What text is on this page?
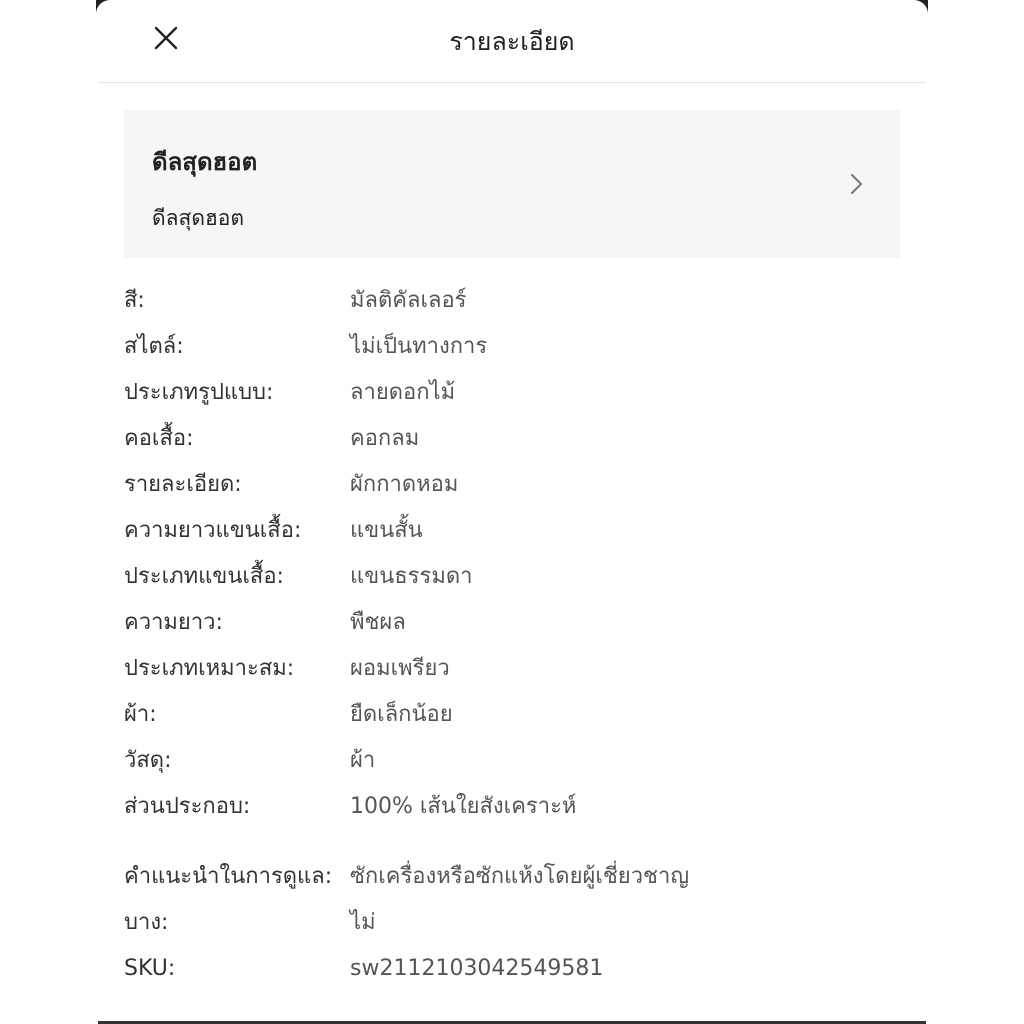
รายละเอียด
ดีลสุดฮอต
ดีลสุดฮอต
สี:	มัลติคัลเลอร์
สไตล์:	ไม่เป็นทางการ
ประเภทรูปแบบ:	ลายดอกไม้
คอเสื้อ:	คอกลม
รายละเอียด:	ผักกาดหอม
ความยาวแขนเสื้อ:	แขนสั้น
ประเภทแขนเสื้อ:	แขนธรรมดา
ความยาว:	พืชผล
ประเภทเหมาะสม:	ผอมเพรียว
ผ้า:	ยืดเล็กน้อย
วัสดุ:	ผ้า
ส่วนประกอบ:	100% เส้นใยสังเคราะห์
คำแนะนำในการดูแล: ซักเครื่องหรือซักแห้งโดยผู้เชี่ยวชาญ
บาง:	ไม่
SKU:	sw2112103042549581
